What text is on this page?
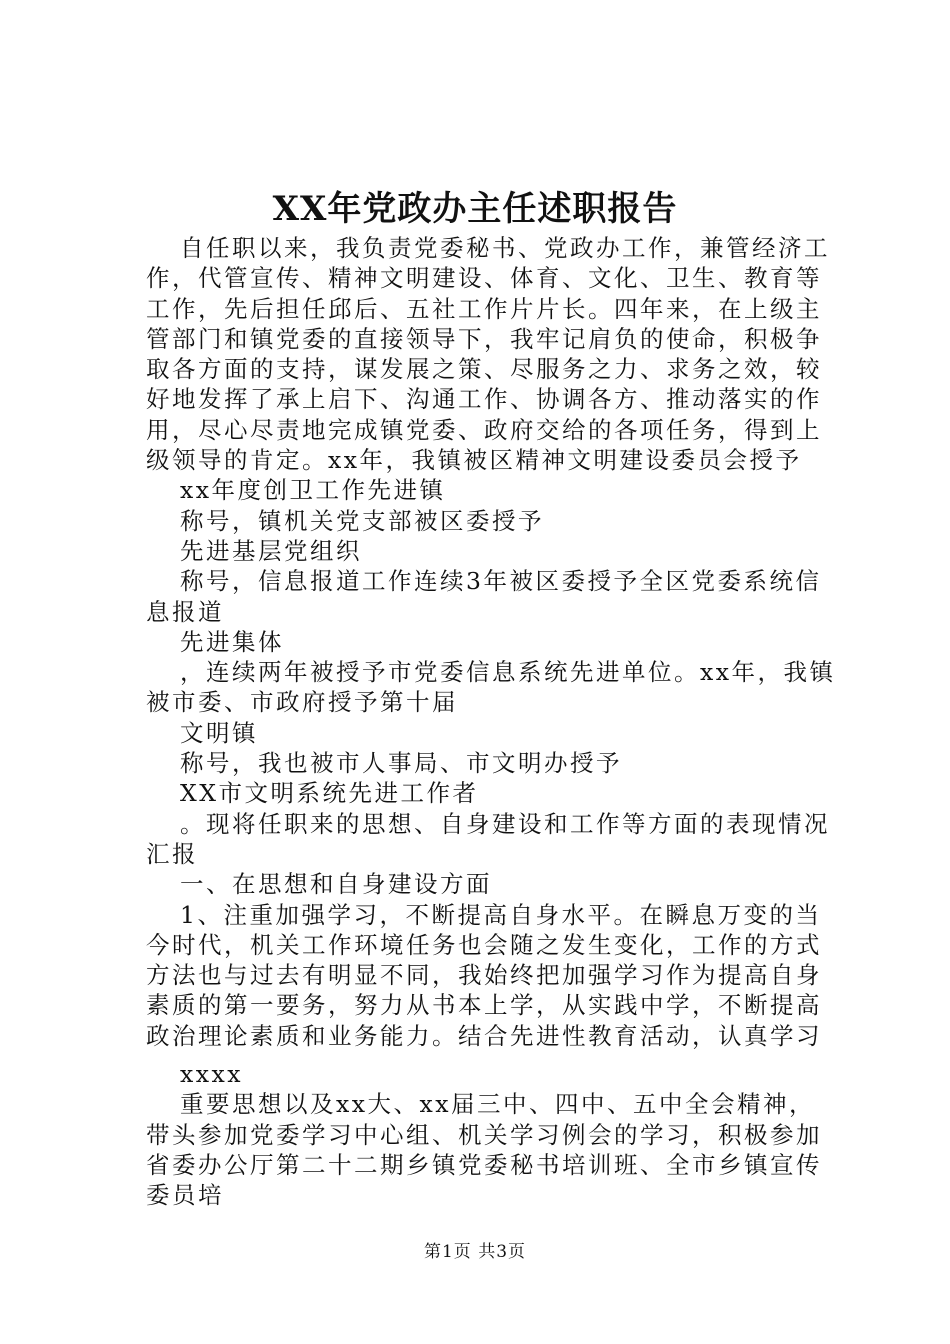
XX年党政办主任述职报告

自任职以来，我负责党委秘书、党政办工作，兼管经济工作，代管宣传、精神文明建设、体育、文化、卫生、教育等工作，先后担任邱后、五社工作片片长。四年来，在上级主管部门和镇党委的直接领导下，我牢记肩负的使命，积极争取各方面的支持，谋发展之策、尽服务之力、求务之效，较好地发挥了承上启下、沟通工作、协调各方、推动落实的作用，尽心尽责地完成镇党委、政府交给的各项任务，得到上级领导的肯定。xx年，我镇被区精神文明建设委员会授予

xx年度创卫工作先进镇

称号，镇机关党支部被区委授予

先进基层党组织

称号，信息报道工作连续3年被区委授予全区党委系统信息报道

先进集体

，连续两年被授予市党委信息系统先进单位。xx年，我镇被市委、市政府授予第十届

文明镇

称号，我也被市人事局、市文明办授予

XX市文明系统先进工作者

。现将任职来的思想、自身建设和工作等方面的表现情况汇报

一、在思想和自身建设方面

1、注重加强学习，不断提高自身水平。在瞬息万变的当今时代，机关工作环境任务也会随之发生变化，工作的方式方法也与过去有明显不同，我始终把加强学习作为提高自身素质的第一要务，努力从书本上学，从实践中学，不断提高政治理论素质和业务能力。结合先进性教育活动，认真学习

xxxx

重要思想以及xx大、xx届三中、四中、五中全会精神，带头参加党委学习中心组、机关学习例会的学习，积极参加省委办公厅第二十二期乡镇党委秘书培训班、全市乡镇宣传委员培

第1页 共3页
